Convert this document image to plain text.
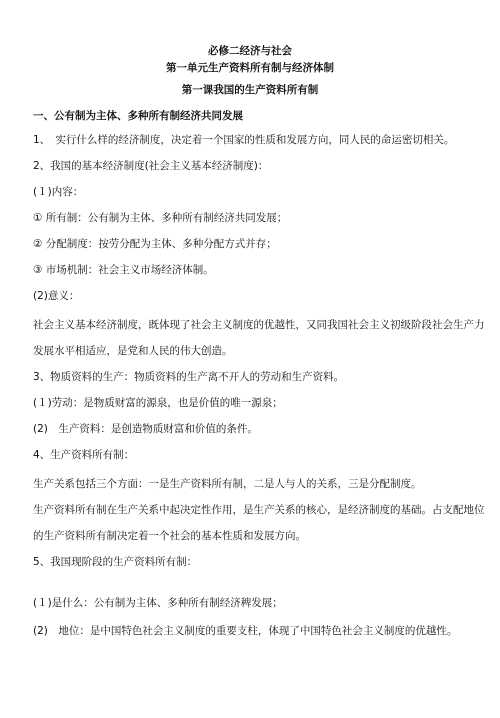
必修二经济与社会
第一单元生产资料所有制与经济体制
第一课我国的生产资料所有制
一、公有制为主体、多种所有制经济共同发展
1、　实行什么样的经济制度，决定着一个国家的性质和发展方向，同人民的命运密切相关。
2、我国的基本经济制度(社会主义基本经济制度)：
(１)内容：
① 所有制：公有制为主体、多种所有制经济共同发展；
② 分配制度：按劳分配为主体、多种分配方式并存；
③ 市场机制：社会主义市场经济体制。
(2)意义：
社会主义基本经济制度，既体现了社会主义制度的优越性，又同我国社会主义初级阶段社会生产力
发展水平相适应，是党和人民的伟大创造。
3、物质资料的生产：物质资料的生产离不开人的劳动和生产资料。
(１)劳动：是物质财富的源泉，也是价值的唯一源泉；
(2)　生产资料：是创造物质财富和价值的条件。
4、生产资料所有制：
生产关系包括三个方面：一是生产资料所有制，二是人与人的关系，三是分配制度。
生产资料所有制在生产关系中起决定性作用，是生产关系的核心，是经济制度的基础。占支配地位
的生产资料所有制决定着一个社会的基本性质和发展方向。
5、我国现阶段的生产资料所有制：
(１)是什么：公有制为主体、多种所有制经济稗发展；
(2)　地位：是中国特色社会主义制度的重要支柱，体现了中国特色社会主义制度的优越性。
